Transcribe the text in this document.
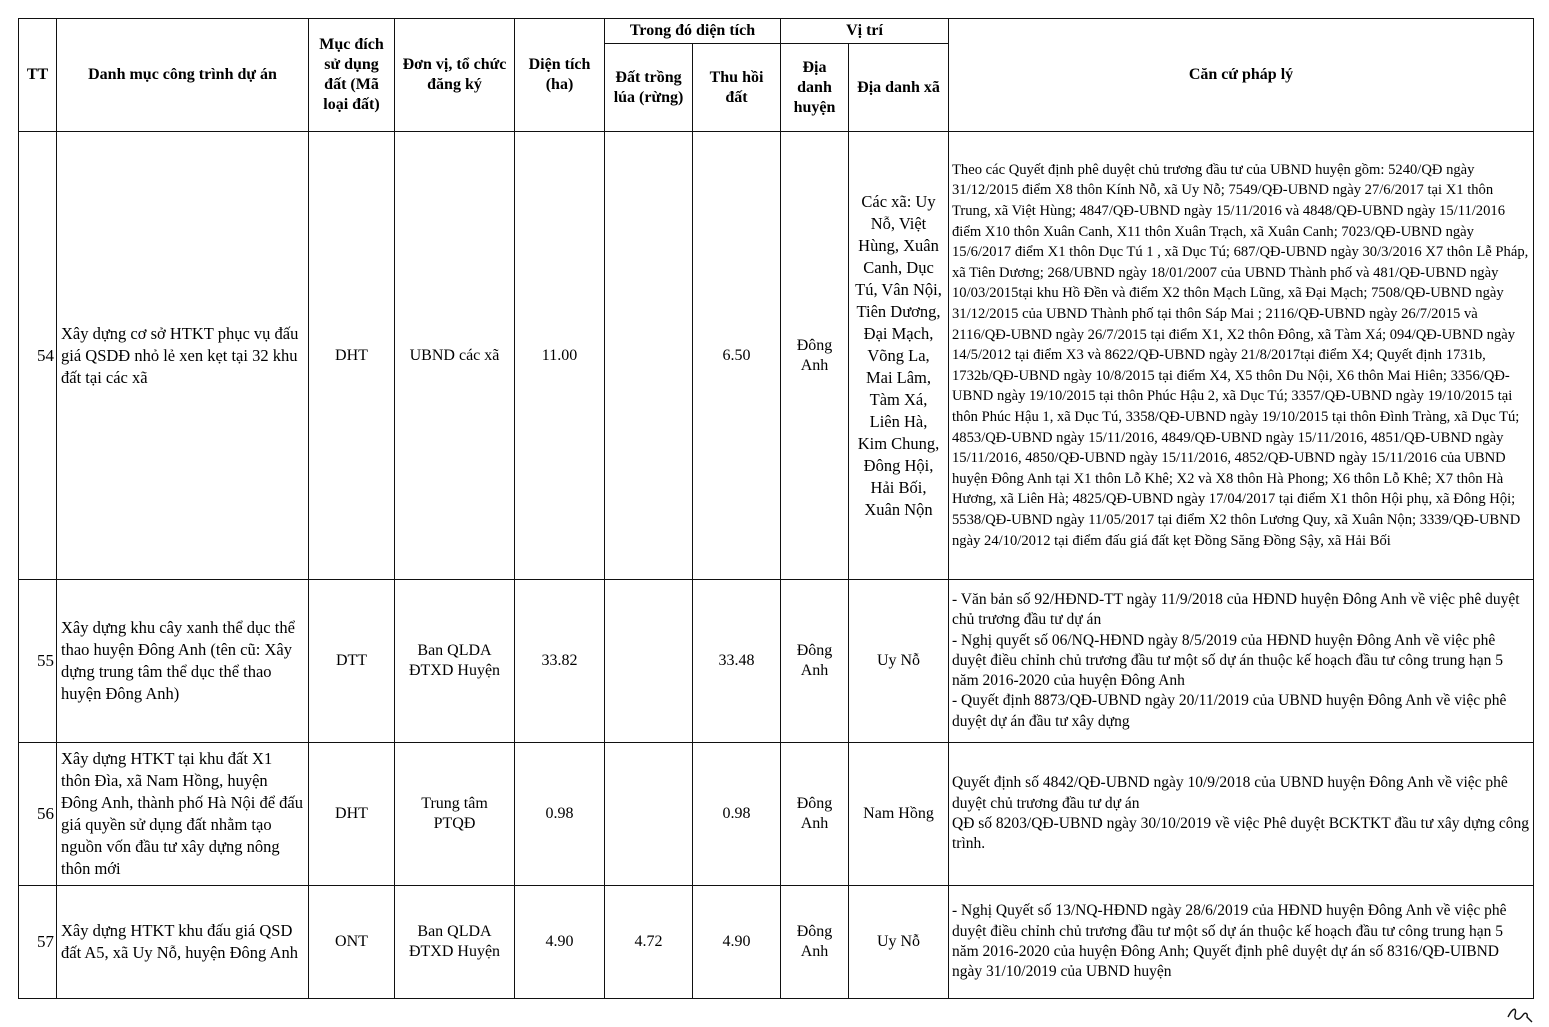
TT	Danh mục công trình dự án	Mục đích sử dụng đất (Mã loại đất)	Đơn vị, tổ chức đăng ký	Diện tích (ha)	Trong đó diện tích		Vị trí		Căn cứ pháp lý
					Đất trồng lúa (rừng)	Thu hồi đất	Địa danh huyện	Địa danh xã	
54	Xây dựng cơ sở HTKT phục vụ đấu giá QSDĐ nhỏ lẻ xen kẹt tại 32 khu đất tại các xã	DHT	UBND các xã	11.00		6.50	Đông Anh	Các xã: Uy Nỗ, Việt Hùng, Xuân Canh, Dục Tú, Vân Nội, Tiên Dương, Đại Mạch, Võng La, Mai Lâm, Tàm Xá, Liên Hà, Kim Chung, Đông Hội, Hải Bối, Xuân Nộn	Theo các Quyết định phê duyệt chủ trương đầu tư của UBND huyện gồm: 5240/QĐ ngày 31/12/2015 điểm X8 thôn Kính Nỗ, xã Uy Nỗ; 7549/QĐ-UBND ngày 27/6/2017 tại X1 thôn Trung, xã Việt Hùng; 4847/QĐ-UBND ngày 15/11/2016 và 4848/QĐ-UBND ngày 15/11/2016 điểm X10 thôn Xuân Canh, X11 thôn Xuân Trạch, xã Xuân Canh; 7023/QĐ-UBND ngày 15/6/2017 điểm X1 thôn Dục Tú 1 , xã Dục Tú; 687/QĐ-UBND ngày 30/3/2016 X7 thôn Lễ Pháp, xã Tiên Dương; 268/UBND ngày 18/01/2007 của UBND Thành phố và 481/QĐ-UBND ngày 10/03/2015tại khu Hồ Đền và điểm X2 thôn Mạch Lũng, xã Đại Mạch; 7508/QĐ-UBND ngày 31/12/2015 của UBND Thành phố tại thôn Sáp Mai ; 2116/QĐ-UBND ngày 26/7/2015 và 2116/QĐ-UBND ngày 26/7/2015 tại điểm X1, X2 thôn Đông, xã Tàm Xá; 094/QĐ-UBND ngày 14/5/2012 tại điểm X3 và 8622/QĐ-UBND ngày 21/8/2017tại điểm X4; Quyết định 1731b, 1732b/QĐ-UBND ngày 10/8/2015 tại điểm X4, X5 thôn Du Nội, X6 thôn Mai Hiên; 3356/QĐ-UBND ngày 19/10/2015 tại thôn Phúc Hậu 2, xã Dục Tú; 3357/QĐ-UBND ngày 19/10/2015 tại thôn Phúc Hậu 1, xã Dục Tú, 3358/QĐ-UBND ngày 19/10/2015 tại thôn Đình Tràng, xã Dục Tú; 4853/QĐ-UBND ngày 15/11/2016, 4849/QĐ-UBND ngày 15/11/2016, 4851/QĐ-UBND ngày 15/11/2016, 4850/QĐ-UBND ngày 15/11/2016, 4852/QĐ-UBND ngày 15/11/2016 của UBND huyện Đông Anh tại X1 thôn Lỗ Khê; X2 và X8 thôn Hà Phong; X6 thôn Lỗ Khê; X7 thôn Hà Hương, xã Liên Hà; 4825/QĐ-UBND ngày 17/04/2017 tại điểm X1 thôn Hội phụ, xã Đông Hội; 5538/QĐ-UBND ngày 11/05/2017 tại điểm X2 thôn Lương Quy, xã Xuân Nộn; 3339/QĐ-UBND ngày 24/10/2012 tại điểm đấu giá đất kẹt Đồng Săng Đồng Sậy, xã Hải Bối

55	Xây dựng khu cây xanh thể dục thể thao huyện Đông Anh (tên cũ: Xây dựng trung tâm thể dục thể thao huyện Đông Anh)	DTT	Ban QLDA ĐTXD Huyện	33.82		33.48	Đông Anh	Uy Nỗ	- Văn bản số 92/HĐND-TT ngày 11/9/2018 của HĐND huyện Đông Anh về việc phê duyệt chủ trương đầu tư dự án
- Nghị quyết số 06/NQ-HĐND ngày 8/5/2019 của HĐND huyện Đông Anh về việc phê duyệt điều chỉnh chủ trương đầu tư một số dự án thuộc kế hoạch đầu tư công trung hạn 5 năm 2016-2020 của huyện Đông Anh
- Quyết định 8873/QĐ-UBND ngày 20/11/2019 của UBND huyện Đông Anh về việc phê duyệt dự án đầu tư xây dựng

56	Xây dựng HTKT tại khu đất X1 thôn Đìa, xã Nam Hồng, huyện Đông Anh, thành phố Hà Nội để đấu giá quyền sử dụng đất nhằm tạo nguồn vốn đầu tư xây dựng nông thôn mới	DHT	Trung tâm PTQĐ	0.98		0.98	Đông Anh	Nam Hồng	Quyết định số 4842/QĐ-UBND ngày 10/9/2018 của UBND huyện Đông Anh về việc phê duyệt chủ trương đầu tư dự án
QĐ số 8203/QĐ-UBND ngày 30/10/2019 về việc Phê duyệt BCKTKT đầu tư xây dựng công trình.

57	Xây dựng HTKT khu đấu giá QSD đất A5, xã Uy Nỗ, huyện Đông Anh	ONT	Ban QLDA ĐTXD Huyện	4.90	4.72	4.90	Đông Anh	Uy Nỗ	- Nghị Quyết số 13/NQ-HĐND ngày 28/6/2019 của HĐND huyện Đông Anh về việc phê duyệt điều chỉnh chủ trương đầu tư một số dự án thuộc kế hoạch đầu tư công trung hạn 5 năm 2016-2020 của huyện Đông Anh; Quyết định phê duyệt dự án số 8316/QĐ-UIBND ngày 31/10/2019 của UBND huyện
